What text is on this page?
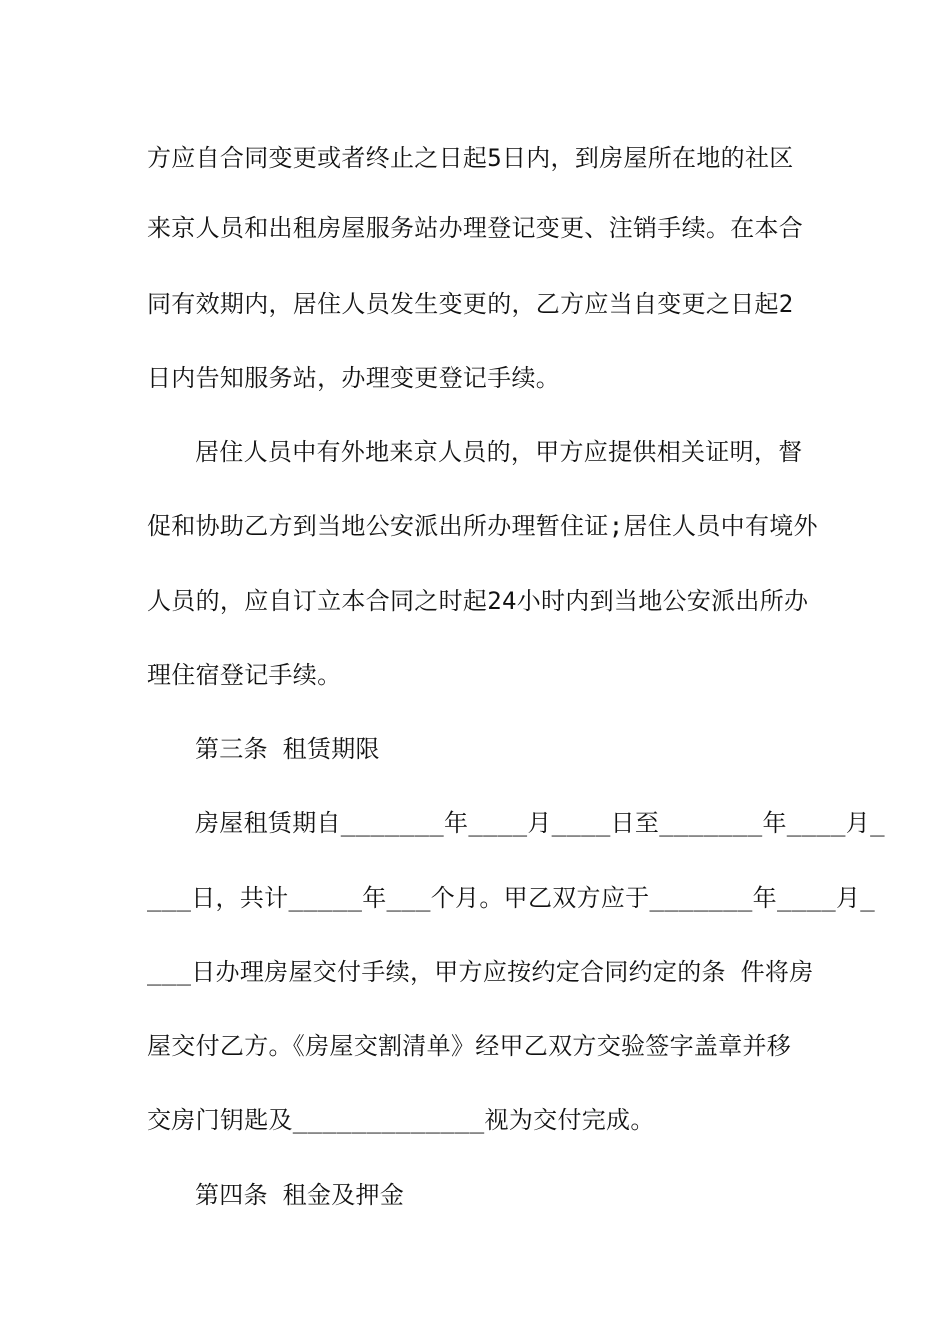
方应自合同变更或者终止之日起5日内，到房屋所在地的社区
来京人员和出租房屋服务站办理登记变更、注销手续。在本合
同有效期内，居住人员发生变更的，乙方应当自变更之日起2
日内告知服务站，办理变更登记手续。
居住人员中有外地来京人员的，甲方应提供相关证明，督
促和协助乙方到当地公安派出所办理暂住证;居住人员中有境外
人员的，应自订立本合同之时起24小时内到当地公安派出所办
理住宿登记手续。
第三条 租赁期限
房屋租赁期自_______年____月____日至_______年____月_
___日，共计_____年___个月。甲乙双方应于_______年____月_
___日办理房屋交付手续，甲方应按约定合同约定的条 件将房
屋交付乙方。《房屋交割清单》经甲乙双方交验签字盖章并移
交房门钥匙及_____________视为交付完成。
第四条 租金及押金
